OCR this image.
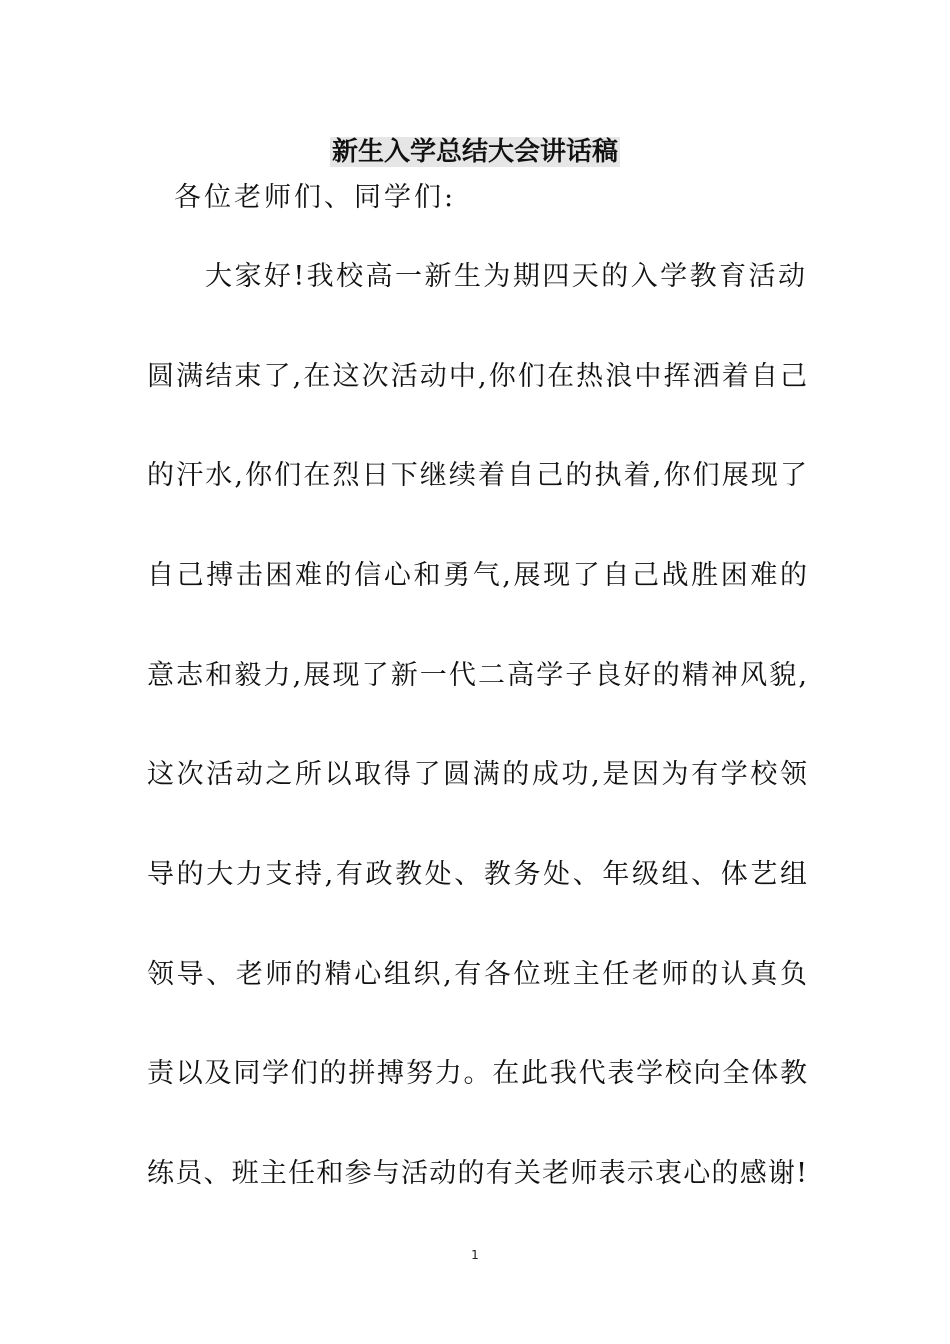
新生入学总结大会讲话稿
各位老师们、同学们:
大家好!我校高一新生为期四天的入学教育活动
圆满结束了,在这次活动中,你们在热浪中挥洒着自己
的汗水,你们在烈日下继续着自己的执着,你们展现了
自己搏击困难的信心和勇气,展现了自己战胜困难的
意志和毅力,展现了新一代二高学子良好的精神风貌,
这次活动之所以取得了圆满的成功,是因为有学校领
导的大力支持,有政教处、教务处、年级组、体艺组
领导、老师的精心组织,有各位班主任老师的认真负
责以及同学们的拼搏努力。在此我代表学校向全体教
练员、班主任和参与活动的有关老师表示衷心的感谢!
1
